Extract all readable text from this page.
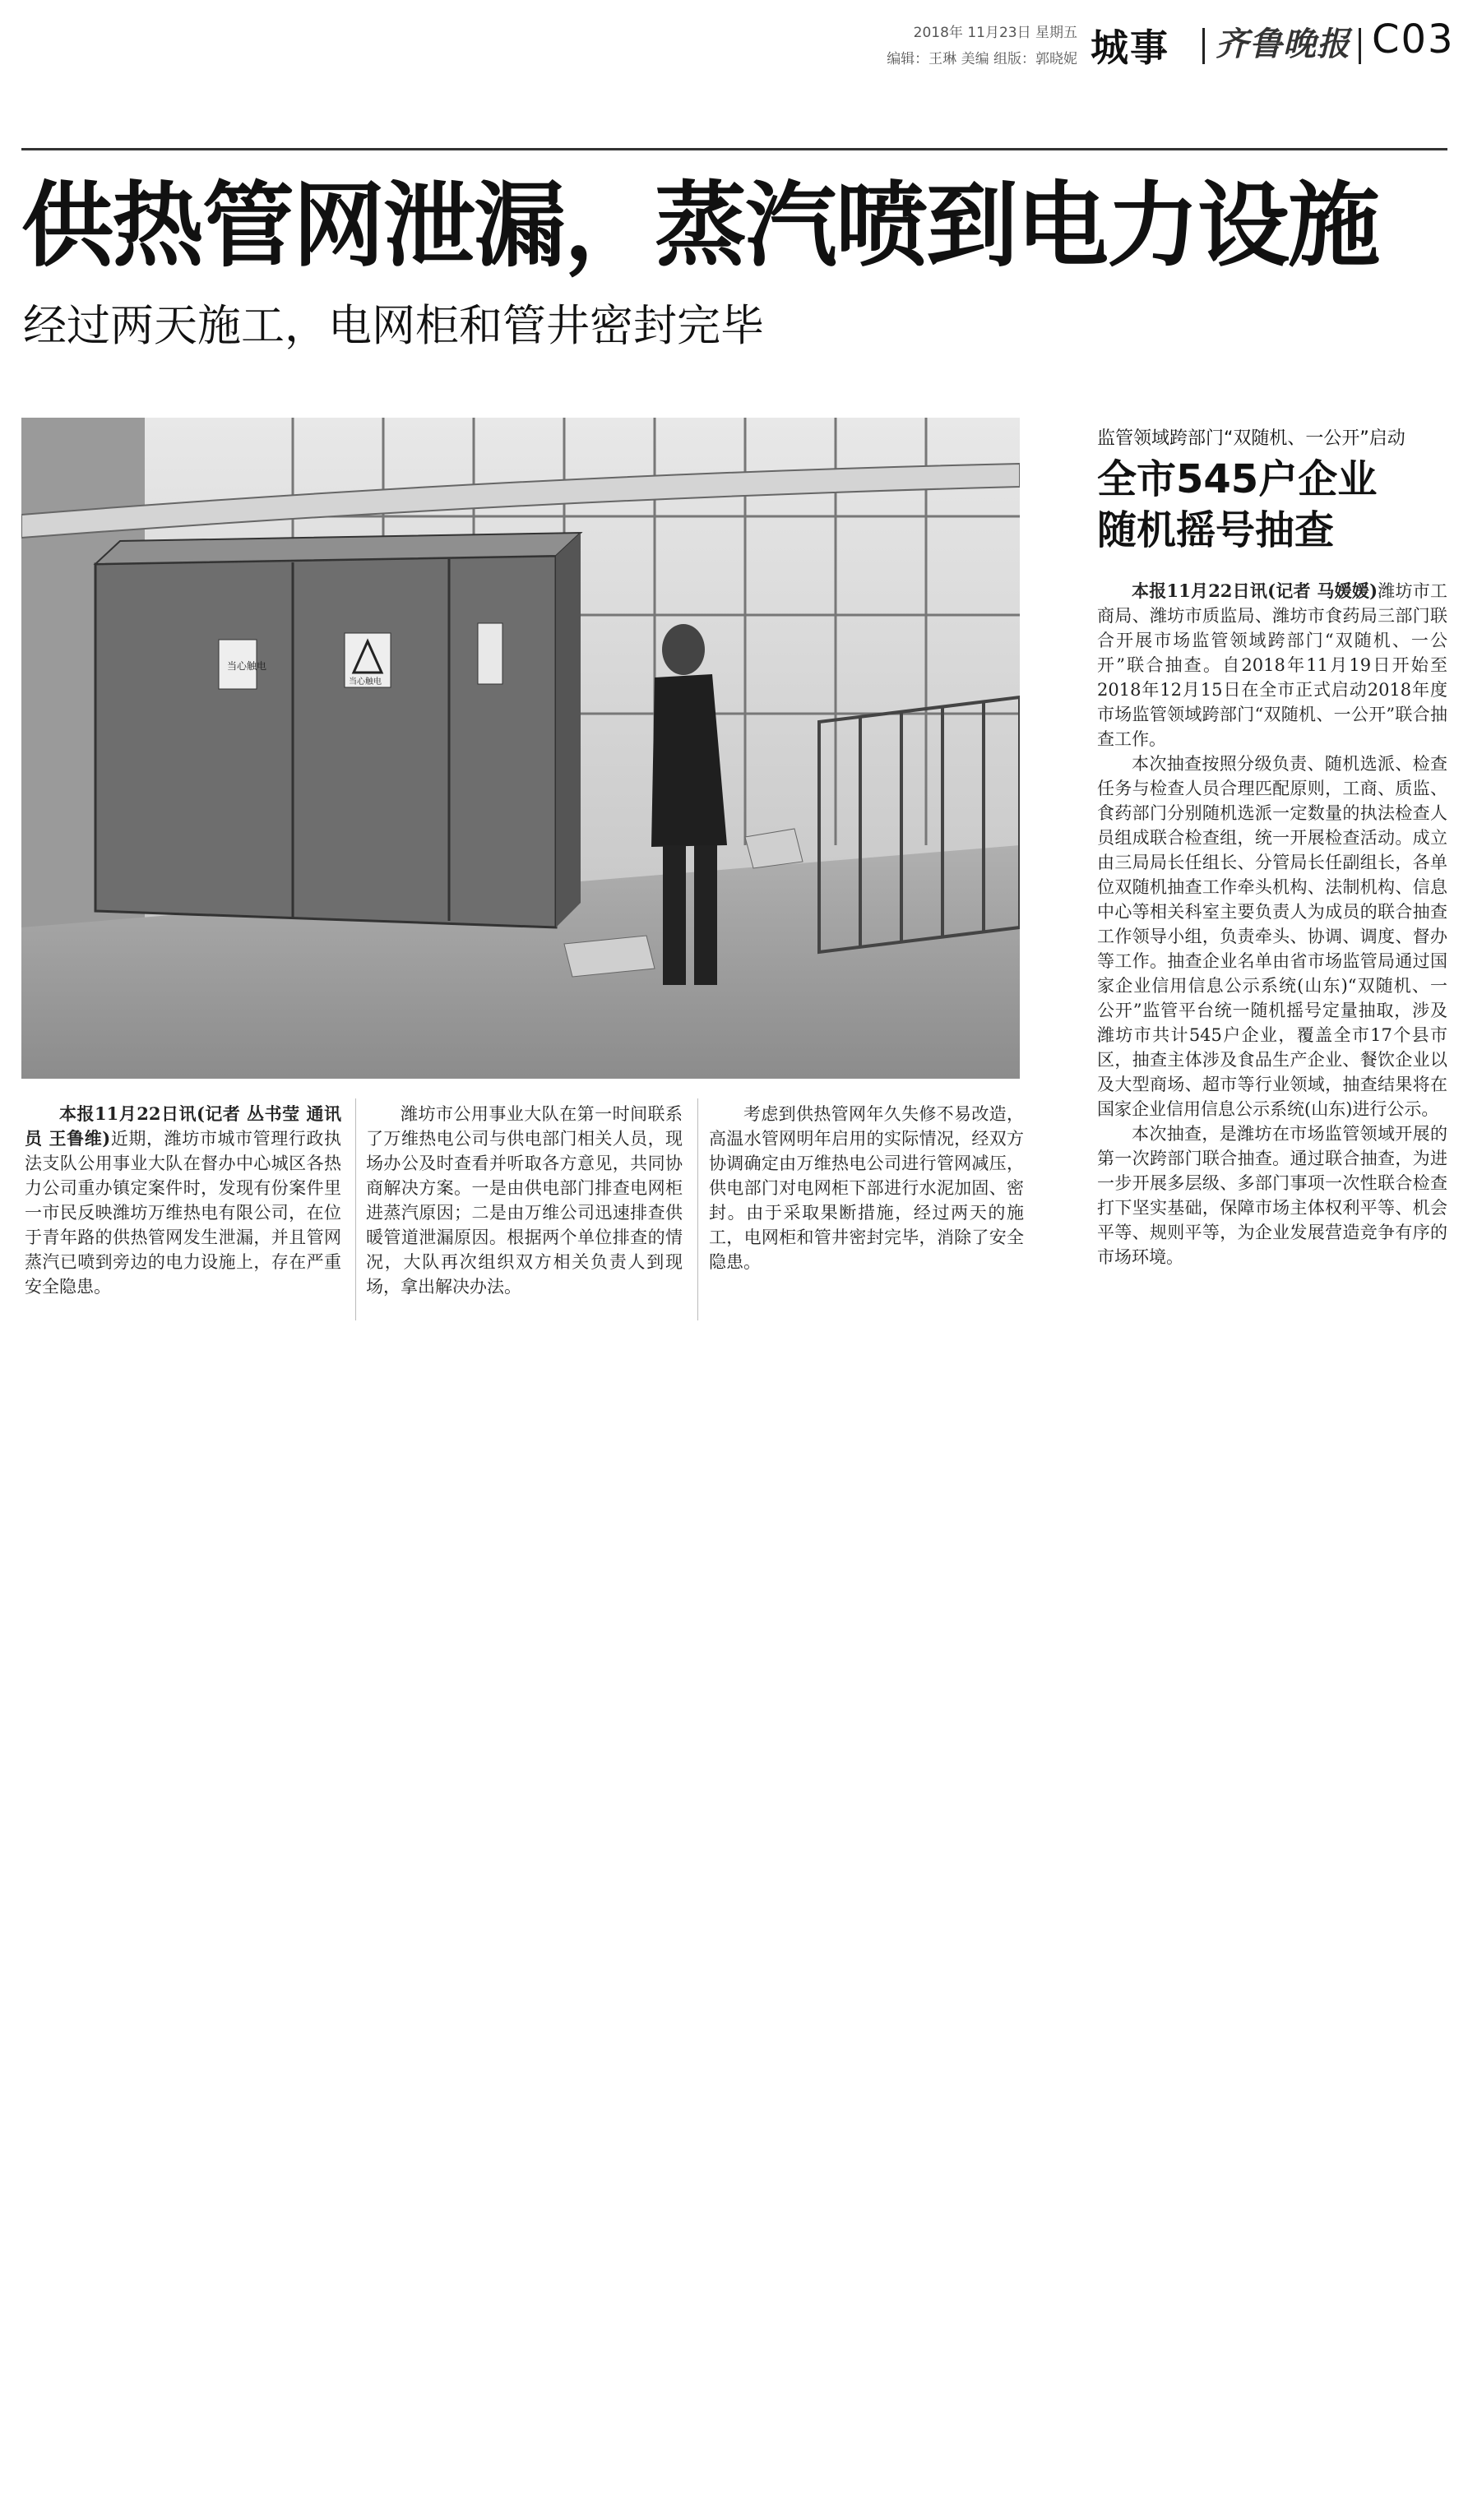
2018年 11月23日 星期五
编辑：王琳 美编 组版：郭晓妮 城事 齐鲁晚报 C03
供热管网泄漏，蒸汽喷到电力设施
经过两天施工，电网柜和管井密封完毕
当心触电
当心触电

本报11月22日讯(记者 丛书莹 通讯员 王鲁维)近期，潍坊市城市管理行政执法支队公用事业大队在督办中心城区各热力公司重办镇定案件时，发现有份案件里一市民反映潍坊万维热电有限公司，在位于青年路的供热管网发生泄漏，并且管网蒸汽已喷到旁边的电力设施上，存在严重安全隐患。

潍坊市公用事业大队在第一时间联系了万维热电公司与供电部门相关人员，现场办公及时查看并听取各方意见，共同协商解决方案。一是由供电部门排查电网柜进蒸汽原因；二是由万维公司迅速排查供暖管道泄漏原因。根据两个单位排查的情况，大队再次组织双方相关负责人到现场，拿出解决办法。

考虑到供热管网年久失修不易改造，高温水管网明年启用的实际情况，经双方协调确定由万维热电公司进行管网减压，供电部门对电网柜下部进行水泥加固、密封。由于采取果断措施，经过两天的施工，电网柜和管井密封完毕，消除了安全隐患。

监管领域跨部门“双随机、一公开”启动
全市545户企业
随机摇号抽查

本报11月22日讯(记者 马媛媛)潍坊市工商局、潍坊市质监局、潍坊市食药局三部门联合开展市场监管领域跨部门“双随机、一公开”联合抽查。自2018年11月19日开始至2018年12月15日在全市正式启动2018年度市场监管领域跨部门“双随机、一公开”联合抽查工作。

本次抽查按照分级负责、随机选派、检查任务与检查人员合理匹配原则，工商、质监、食药部门分别随机选派一定数量的执法检查人员组成联合检查组，统一开展检查活动。成立由三局局长任组长、分管局长任副组长，各单位双随机抽查工作牵头机构、法制机构、信息中心等相关科室主要负责人为成员的联合抽查工作领导小组，负责牵头、协调、调度、督办等工作。抽查企业名单由省市场监管局通过国家企业信用信息公示系统(山东)“双随机、一公开”监管平台统一随机摇号定量抽取，涉及潍坊市共计545户企业，覆盖全市17个县市区，抽查主体涉及食品生产企业、餐饮企业以及大型商场、超市等行业领域，抽查结果将在国家企业信用信息公示系统(山东)进行公示。

本次抽查，是潍坊在市场监管领域开展的第一次跨部门联合抽查。通过联合抽查，为进一步开展多层级、多部门事项一次性联合检查打下坚实基础，保障市场主体权利平等、机会平等、规则平等，为企业发展营造竞争有序的市场环境。
